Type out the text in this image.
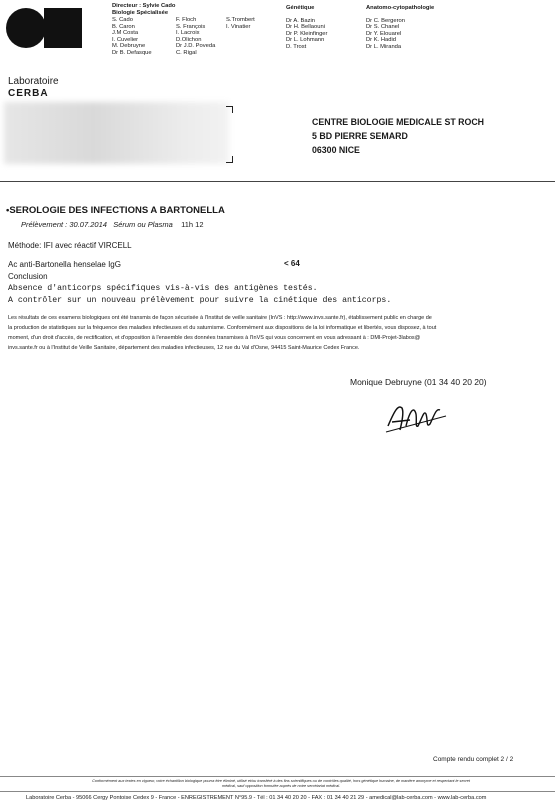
Laboratoire
CERBA
Directeur : Sylvie Cado
Biologie Spécialisée
S. Cado
B. Caron
J.M Costa
I. Cuvelier
M. Debruyne
Dr B. Defasque
F. Floch
S. François
I. Lacroix
D.Olichon
Dr J.D. Poveda
C. Rigal
S.Trombert
I. Vinatier
Génétique
Dr A. Bazin
Dr H. Bellaouni
Dr P. Kleinfinger
Dr L. Lohmann
D. Trost
Anatomo-cytopathologie
Dr C. Bergeron
Dr S. Chanel
Dr Y. Elouarel
Dr K. Hadid
Dr L. Miranda
CENTRE BIOLOGIE MEDICALE ST ROCH
5 BD PIERRE SEMARD
06300 NICE
•SEROLOGIE DES INFECTIONS A BARTONELLA
Prélèvement : 30.07.2014 Sérum ou Plasma 11h 12
Méthode: IFI avec réactif VIRCELL
Ac anti-Bartonella henselae IgG	< 64
Conclusion
Absence d'anticorps spécifiques vis-à-vis des antigènes testés.
A contrôler sur un nouveau prélèvement pour suivre la cinétique des anticorps.
Les résultats de ces examens biologiques ont été transmis de façon sécurisée à l'Institut de veille sanitaire (InVS : http://www.invs.sante.fr), établissement public en charge de
la production de statistiques sur la fréquence des maladies infectieuses et du saturnisme. Conformément aux dispositions de la loi informatique et libertés, vous disposez, à tout
moment, d'un droit d'accès, de rectification, et d'opposition à l'ensemble des données transmises à l'InVS qui vous concernent en vous adressant à : DMI-Projet-3labos@
invs.sante.fr ou à l'Institut de Veille Sanitaire, département des maladies infectieuses, 12 rue du Val d'Osne, 94415 Saint-Maurice Cedex France.
Monique Debruyne (01 34 40 20 20)
Compte rendu complet 2 / 2
Conformément aux textes en vigueur, votre échantillon biologique pourra être éliminé, utilisé et/ou transféré à des fins scientifiques ou de contrôles qualité, hors génétique humaine, de manière anonyme et respectant le secret
médical, sauf opposition formulée auprès de notre secrétariat médical.
Laboratoire Cerba - 95066 Cergy Pontoise Cedex 9 - France - ENREGISTREMENT N°95.9 - Tél : 01 34 40 20 20 - FAX : 01 34 40 21 29 - amedical@lab-cerba.com - www.lab-cerba.com
